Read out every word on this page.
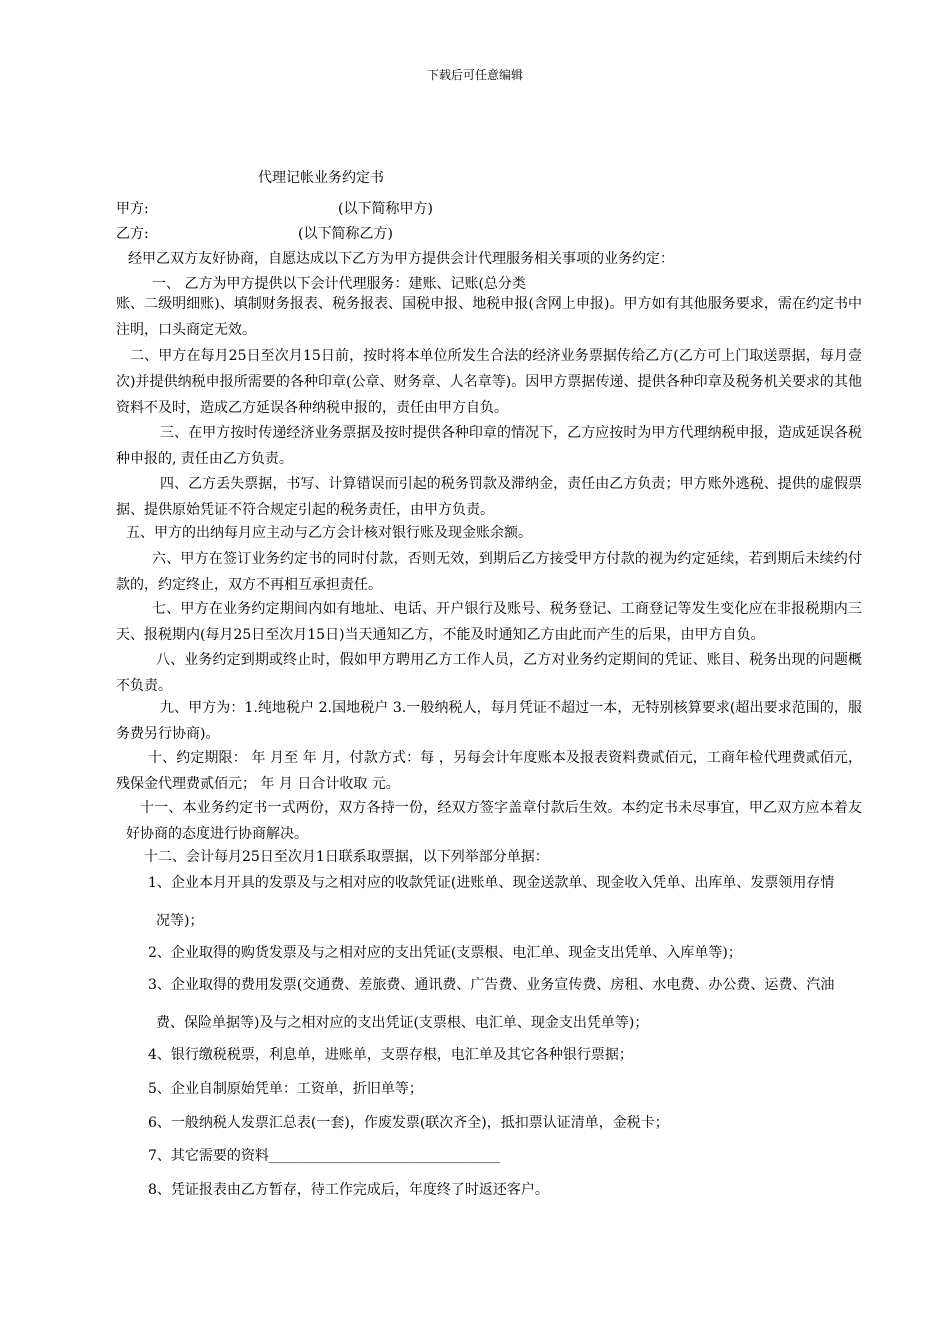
下载后可任意编辑
代理记帐业务约定书
甲方:	(以下简称甲方)
乙方:	(以下简称乙方)
经甲乙双方友好协商，自愿达成以下乙方为甲方提供会计代理服务相关事项的业务约定：
一、 乙方为甲方提供以下会计代理服务：建账、记账(总分类
账、二级明细账)、填制财务报表、税务报表、国税申报、地税申报(含网上申报)。甲方如有其他服务要求，需在约定书中注明，口头商定无效。
二、甲方在每月25日至次月15日前，按时将本单位所发生合法的经济业务票据传给乙方(乙方可上门取送票据，每月壹次)并提供纳税申报所需要的各种印章(公章、财务章、人名章等)。因甲方票据传递、提供各种印章及税务机关要求的其他资料不及时，造成乙方延误各种纳税申报的，责任由甲方自负。
三、在甲方按时传递经济业务票据及按时提供各种印章的情况下，乙方应按时为甲方代理纳税申报，造成延误各税种申报的, 责任由乙方负责。
四、乙方丢失票据，书写、计算错误而引起的税务罚款及滞纳金，责任由乙方负责；甲方账外逃税、提供的虚假票据、提供原始凭证不符合规定引起的税务责任，由甲方负责。
五、甲方的出纳每月应主动与乙方会计核对银行账及现金账余额。
六、甲方在签订业务约定书的同时付款，否则无效，到期后乙方接受甲方付款的视为约定延续，若到期后未续约付款的，约定终止，双方不再相互承担责任。
七、甲方在业务约定期间内如有地址、电话、开户银行及账号、税务登记、工商登记等发生变化应在非报税期内三天、报税期内(每月25日至次月15日)当天通知乙方，不能及时通知乙方由此而产生的后果，由甲方自负。
八、业务约定到期或终止时，假如甲方聘用乙方工作人员，乙方对业务约定期间的凭证、账目、税务出现的问题概不负责。
九、甲方为：1.纯地税户 2.国地税户 3.一般纳税人，每月凭证不超过一本，无特别核算要求(超出要求范围的，服务费另行协商)。
十、约定期限： 年 月至 年 月，付款方式：每 ，另每会计年度账本及报表资料费贰佰元，工商年检代理费贰佰元，残保金代理费贰佰元； 年 月 日合计收取 元。
十一、本业务约定书一式两份，双方各持一份，经双方签字盖章付款后生效。本约定书未尽事宜，甲乙双方应本着友好协商的态度进行协商解决。
十二、会计每月25日至次月1日联系取票据，以下列举部分单据：
1、企业本月开具的发票及与之相对应的收款凭证(进账单、现金送款单、现金收入凭单、出库单、发票领用存情
况等)；
2、企业取得的购货发票及与之相对应的支出凭证(支票根、电汇单、现金支出凭单、入库单等)；
3、企业取得的费用发票(交通费、差旅费、通讯费、广告费、业务宣传费、房租、水电费、办公费、运费、汽油
费、保险单据等)及与之相对应的支出凭证(支票根、电汇单、现金支出凭单等)；
4、银行缴税税票，利息单，进账单，支票存根，电汇单及其它各种银行票据；
5、企业自制原始凭单：工资单，折旧单等；
6、一般纳税人发票汇总表(一套)，作废发票(联次齐全)，抵扣票认证清单，金税卡；
7、其它需要的资料_________________________________
8、凭证报表由乙方暂存，待工作完成后，年度终了时返还客户。
